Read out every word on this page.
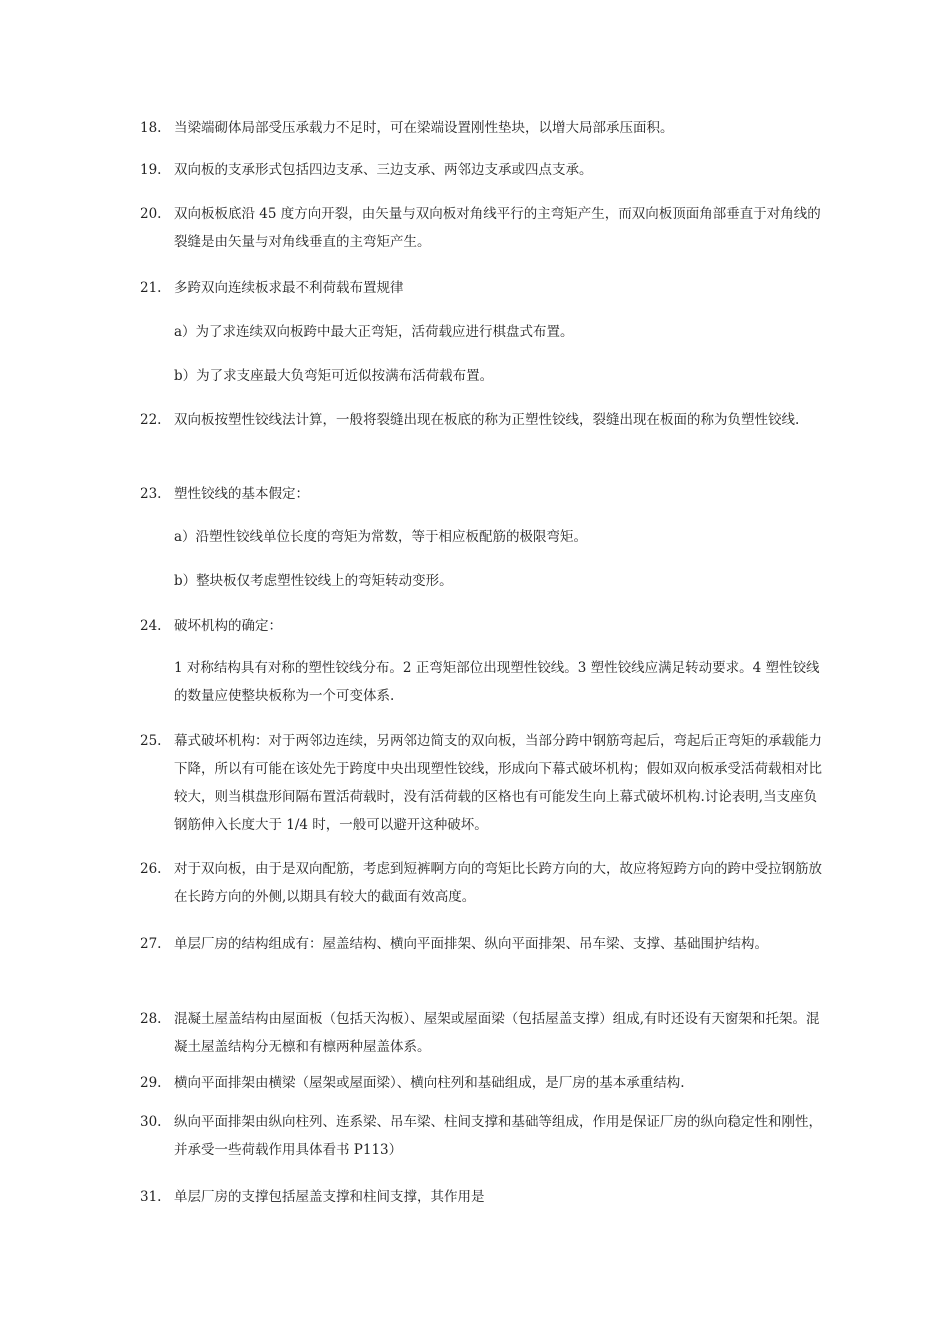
18. 当梁端砌体局部受压承载力不足时，可在梁端设置刚性垫块，以增大局部承压面积。
19. 双向板的支承形式包括四边支承、三边支承、两邻边支承或四点支承。
20. 双向板板底沿 45 度方向开裂，由矢量与双向板对角线平行的主弯矩产生，而双向板顶面角部垂直于对角线的裂缝是由矢量与对角线垂直的主弯矩产生。
21. 多跨双向连续板求最不利荷载布置规律
a）为了求连续双向板跨中最大正弯矩，活荷载应进行棋盘式布置。
b）为了求支座最大负弯矩可近似按满布活荷载布置。
22. 双向板按塑性铰线法计算，一般将裂缝出现在板底的称为正塑性铰线，裂缝出现在板面的称为负塑性铰线.
23. 塑性铰线的基本假定：
a）沿塑性铰线单位长度的弯矩为常数，等于相应板配筋的极限弯矩。
b）整块板仅考虑塑性铰线上的弯矩转动变形。
24. 破坏机构的确定：
1 对称结构具有对称的塑性铰线分布。2 正弯矩部位出现塑性铰线。3 塑性铰线应满足转动要求。4 塑性铰线的数量应使整块板称为一个可变体系.
25. 幕式破坏机构：对于两邻边连续，另两邻边简支的双向板，当部分跨中钢筋弯起后，弯起后正弯矩的承载能力下降，所以有可能在该处先于跨度中央出现塑性铰线，形成向下幕式破坏机构；假如双向板承受活荷载相对比较大，则当棋盘形间隔布置活荷载时，没有活荷载的区格也有可能发生向上幕式破坏机构.讨论表明,当支座负钢筋伸入长度大于 1/4 时，一般可以避开这种破坏。
26. 对于双向板，由于是双向配筋，考虑到短裤啊方向的弯矩比长跨方向的大，故应将短跨方向的跨中受拉钢筋放在长跨方向的外侧,以期具有较大的截面有效高度。
27. 单层厂房的结构组成有：屋盖结构、横向平面排架、纵向平面排架、吊车梁、支撑、基础围护结构。
28. 混凝土屋盖结构由屋面板（包括天沟板）、屋架或屋面梁（包括屋盖支撑）组成,有时还设有天窗架和托架。混凝土屋盖结构分无檩和有檩两种屋盖体系。
29. 横向平面排架由横梁（屋架或屋面梁）、横向柱列和基础组成，是厂房的基本承重结构.
30. 纵向平面排架由纵向柱列、连系梁、吊车梁、柱间支撑和基础等组成，作用是保证厂房的纵向稳定性和刚性，并承受一些荷载作用具体看书 P113）
31. 单层厂房的支撑包括屋盖支撑和柱间支撑，其作用是
